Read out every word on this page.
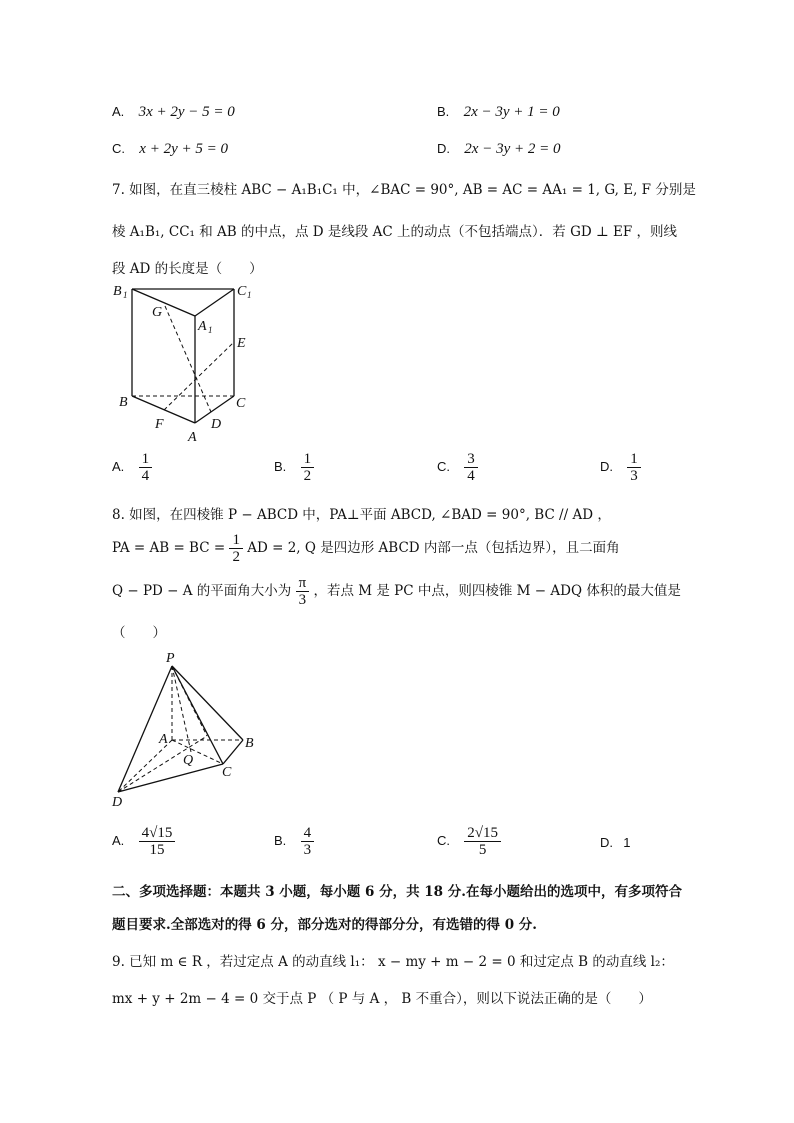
A. 3x + 2y − 5 = 0	B. 2x − 3y + 1 = 0
C. x + 2y + 5 = 0	D. 2x − 3y + 2 = 0
7. 如图，在直三棱柱 ABC − A₁B₁C₁ 中，∠BAC = 90°, AB = AC = AA₁ = 1, G, E, F 分别是
棱 A₁B₁, CC₁ 和 AB 的中点，点 D 是线段 AC 上的动点（不包括端点）．若 GD ⊥ EF ，则线
段 AD 的长度是（　　）
B 1	C 1
G
A 1
E
B	C
F	D
A
A. $\frac{1}{4}$	B. $\frac{1}{2}$	C. $\frac{3}{4}$	D. $\frac{1}{3}$
8. 如图，在四棱锥 P − ABCD 中，PA⊥平面 ABCD, ∠BAD = 90°, BC // AD ，
PA = AB = BC = $\frac{1}{2}$ AD = 2, Q 是四边形 ABCD 内部一点（包括边界），且二面角
Q − PD − A 的平面角大小为 $\frac{\pi}{3}$ ，若点 M 是 PC 中点，则四棱锥 M − ADQ 体积的最大值是
（　　）
P
A	B
Q
C
D
A. $\frac{4√15}{15}$	B. $\frac{4}{3}$	C. $\frac{2√15}{5}$	D. 1
二、多项选择题：本题共 3 小题，每小题 6 分，共 18 分.在每小题给出的选项中，有多项符合
题目要求.全部选对的得 6 分，部分选对的得部分分，有选错的得 0 分.
9. 已知 m ∈ R ，若过定点 A 的动直线 l₁： x − my + m − 2 = 0 和过定点 B 的动直线 l₂：
mx + y + 2m − 4 = 0 交于点 P （ P 与 A ， B 不重合），则以下说法正确的是（　　）
